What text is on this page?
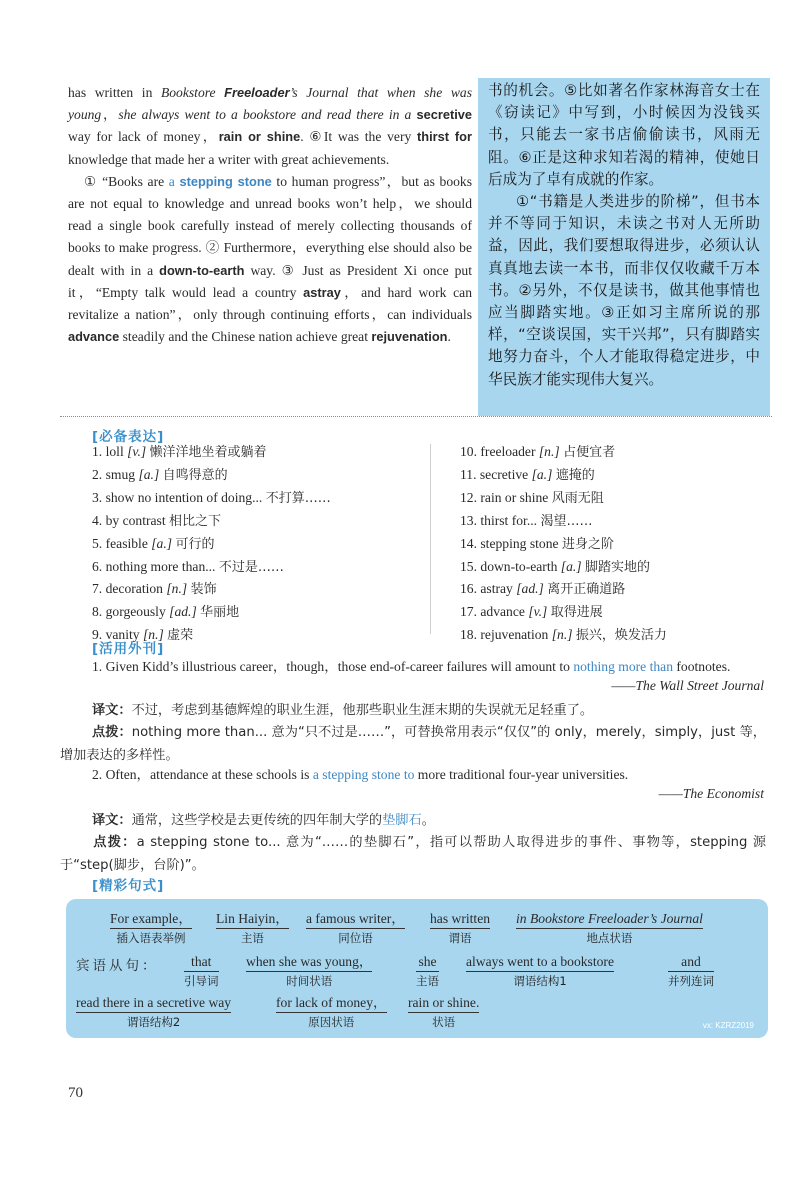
has written in Bookstore Freeloader’s Journal that when she was young，she always went to a bookstore and read there in a secretive way for lack of money，rain or shine. ⑥It was the very thirst for knowledge that made her a writer with great achievements.

① “Books are a stepping stone to human progress”，but as books are not equal to knowledge and unread books won’t help，we should read a single book carefully instead of merely collecting thousands of books to make progress. ② Furthermore，everything else should also be dealt with in a down-to-earth way. ③ Just as President Xi once put it，“Empty talk would lead a country astray，and hard work can revitalize a nation”，only through continuing efforts，can individuals advance steadily and the Chinese nation achieve great rejuvenation.

书的机会。⑤比如著名作家林海音女士在《窃读记》中写到，小时候因为没钱买书，只能去一家书店偷偷读书，风雨无阻。⑥正是这种求知若渴的精神，使她日后成为了卓有成就的作家。

①“书籍是人类进步的阶梯”，但书本并不等同于知识，未读之书对人无所助益，因此，我们要想取得进步，必须认认真真地去读一本书，而非仅仅收藏千万本书。②另外，不仅是读书，做其他事情也应当脚踏实地。③正如习主席所说的那样，“空谈误国，实干兴邦”，只有脚踏实地努力奋斗，个人才能取得稳定进步，中华民族才能实现伟大复兴。

[必备表达]
1. loll [v.] 懒洋洋地坐着或躺着
2. smug [a.] 自鸣得意的
3. show no intention of doing... 不打算……
4. by contrast 相比之下
5. feasible [a.] 可行的
6. nothing more than... 不过是……
7. decoration [n.] 装饰
8. gorgeously [ad.] 华丽地
9. vanity [n.] 虚荣
10. freeloader [n.] 占便宜者
11. secretive [a.] 遮掩的
12. rain or shine 风雨无阻
13. thirst for... 渴望……
14. stepping stone 进身之阶
15. down-to-earth [a.] 脚踏实地的
16. astray [ad.] 离开正确道路
17. advance [v.] 取得进展
18. rejuvenation [n.] 振兴，焕发活力
[活用外刊]
1. Given Kidd’s illustrious career，though，those end-of-career failures will amount to nothing more than footnotes.
——The Wall Street Journal
译文：不过，考虑到基德辉煌的职业生涯，他那些职业生涯末期的失误就无足轻重了。
点拨：nothing more than... 意为“只不过是……”，可替换常用表示“仅仅”的 only，merely，simply，just 等，增加表达的多样性。
2. Often，attendance at these schools is a stepping stone to more traditional four-year universities.
——The Economist
译文：通常，这些学校是去更传统的四年制大学的垫脚石。
点拨：a stepping stone to... 意为“……的垫脚石”，指可以帮助人取得进步的事件、事物等，stepping 源于“step(脚步，台阶)”。
[精彩句式]
For example，
插入语表举例
Lin Haiyin，
主语
a famous writer，
同位语
has written
谓语
in Bookstore Freeloader’s Journal
地点状语
宾语从句：	that
引导词
when she was young，
时间状语
she
主语
always went to a bookstore
谓语结构1
and
并列连词
read there in a secretive way
谓语结构2
for lack of money，
原因状语
rain or shine.
状语	vx: KZRZ2019
70
